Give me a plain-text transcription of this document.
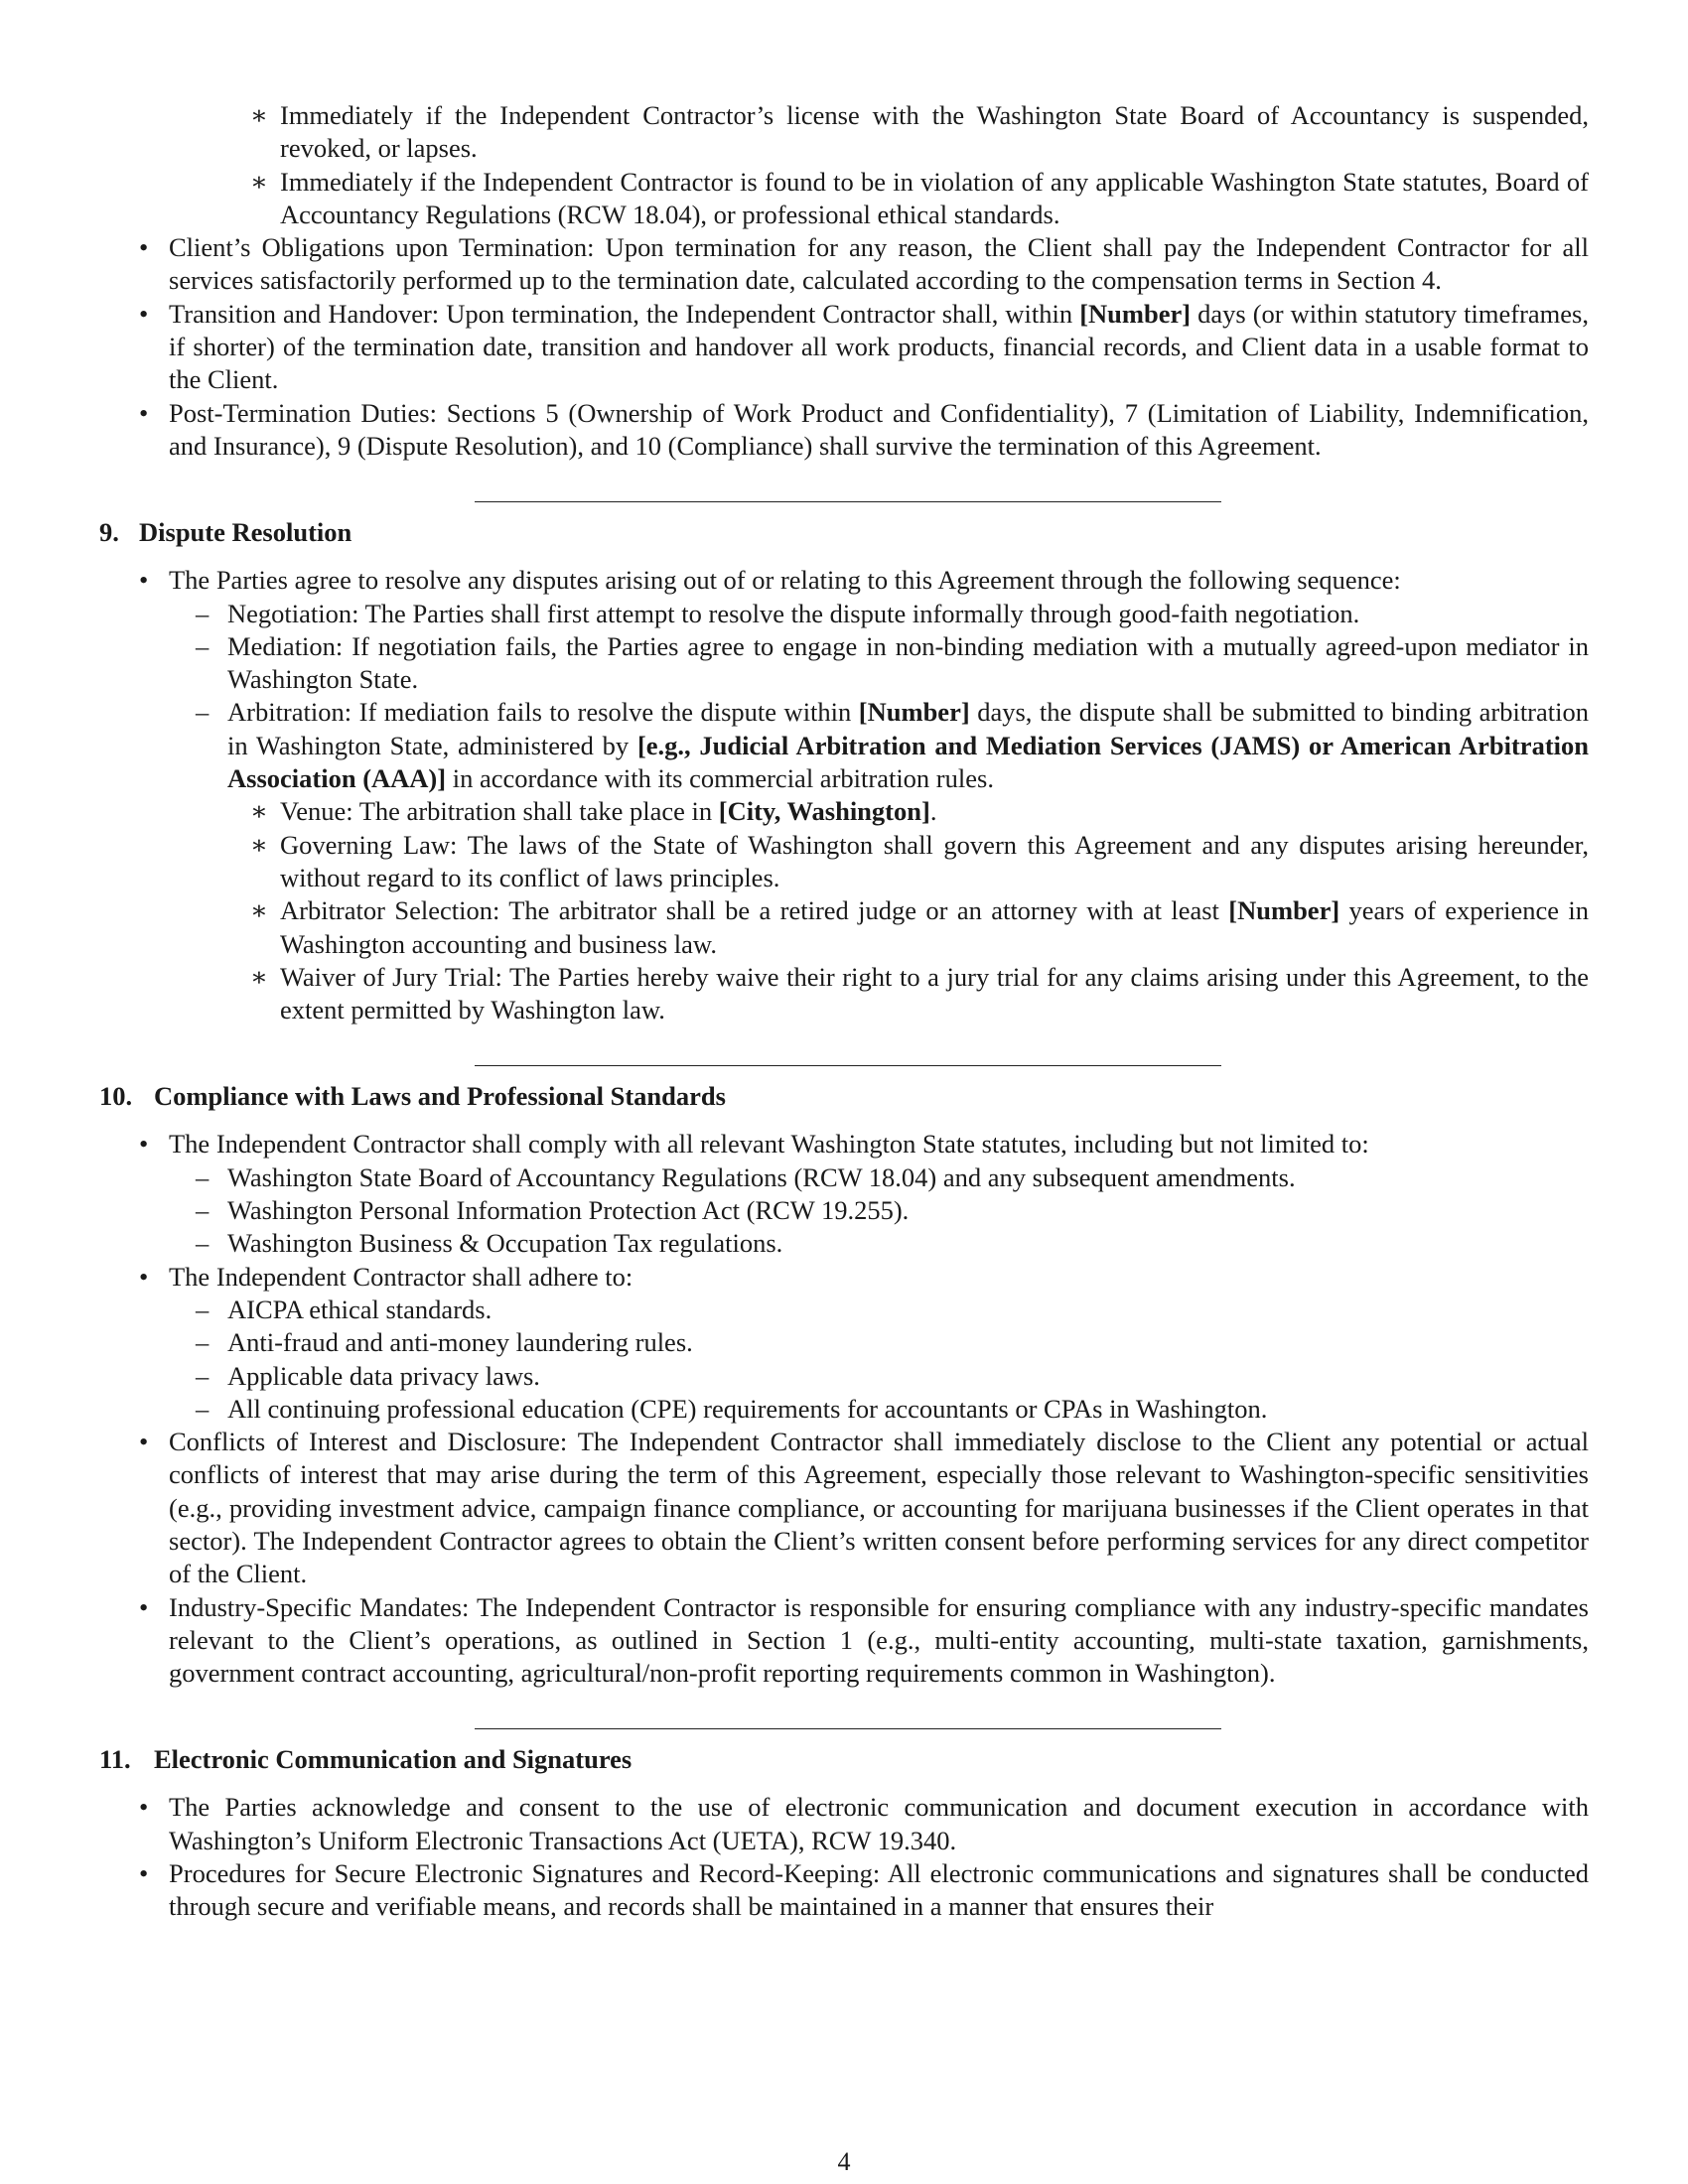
∗ Immediately if the Independent Contractor’s license with the Washington State Board of Accountancy is suspended, revoked, or lapses.
∗ Immediately if the Independent Contractor is found to be in violation of any applicable Washington State statutes, Board of Accountancy Regulations (RCW 18.04), or professional ethical standards.
• Client’s Obligations upon Termination: Upon termination for any reason, the Client shall pay the Independent Contractor for all services satisfactorily performed up to the termination date, calculated according to the compensation terms in Section 4.
• Transition and Handover: Upon termination, the Independent Contractor shall, within [Number] days (or within statutory timeframes, if shorter) of the termination date, transition and handover all work products, financial records, and Client data in a usable format to the Client.
• Post-Termination Duties: Sections 5 (Ownership of Work Product and Confidentiality), 7 (Limitation of Liability, Indemnification, and Insurance), 9 (Dispute Resolution), and 10 (Compliance) shall survive the termination of this Agreement.
9. Dispute Resolution
• The Parties agree to resolve any disputes arising out of or relating to this Agreement through the following sequence:
– Negotiation: The Parties shall first attempt to resolve the dispute informally through good-faith negotiation.
– Mediation: If negotiation fails, the Parties agree to engage in non-binding mediation with a mutually agreed-upon mediator in Washington State.
– Arbitration: If mediation fails to resolve the dispute within [Number] days, the dispute shall be submitted to binding arbitration in Washington State, administered by [e.g., Judicial Arbitration and Mediation Services (JAMS) or American Arbitration Association (AAA)] in accordance with its commercial arbitration rules.
∗ Venue: The arbitration shall take place in [City, Washington].
∗ Governing Law: The laws of the State of Washington shall govern this Agreement and any disputes arising hereunder, without regard to its conflict of laws principles.
∗ Arbitrator Selection: The arbitrator shall be a retired judge or an attorney with at least [Number] years of experience in Washington accounting and business law.
∗ Waiver of Jury Trial: The Parties hereby waive their right to a jury trial for any claims arising under this Agreement, to the extent permitted by Washington law.
10. Compliance with Laws and Professional Standards
• The Independent Contractor shall comply with all relevant Washington State statutes, including but not limited to:
– Washington State Board of Accountancy Regulations (RCW 18.04) and any subsequent amendments.
– Washington Personal Information Protection Act (RCW 19.255).
– Washington Business & Occupation Tax regulations.
• The Independent Contractor shall adhere to:
– AICPA ethical standards.
– Anti-fraud and anti-money laundering rules.
– Applicable data privacy laws.
– All continuing professional education (CPE) requirements for accountants or CPAs in Washington.
• Conflicts of Interest and Disclosure: The Independent Contractor shall immediately disclose to the Client any potential or actual conflicts of interest that may arise during the term of this Agreement, especially those relevant to Washington-specific sensitivities (e.g., providing investment advice, campaign finance compliance, or accounting for marijuana businesses if the Client operates in that sector). The Independent Contractor agrees to obtain the Client’s written consent before performing services for any direct competitor of the Client.
• Industry-Specific Mandates: The Independent Contractor is responsible for ensuring compliance with any industry-specific mandates relevant to the Client’s operations, as outlined in Section 1 (e.g., multi-entity accounting, multi-state taxation, garnishments, government contract accounting, agricultural/non-profit reporting requirements common in Washington).
11. Electronic Communication and Signatures
• The Parties acknowledge and consent to the use of electronic communication and document execution in accordance with Washington’s Uniform Electronic Transactions Act (UETA), RCW 19.340.
• Procedures for Secure Electronic Signatures and Record-Keeping: All electronic communications and signatures shall be conducted through secure and verifiable means, and records shall be maintained in a manner that ensures their
4
